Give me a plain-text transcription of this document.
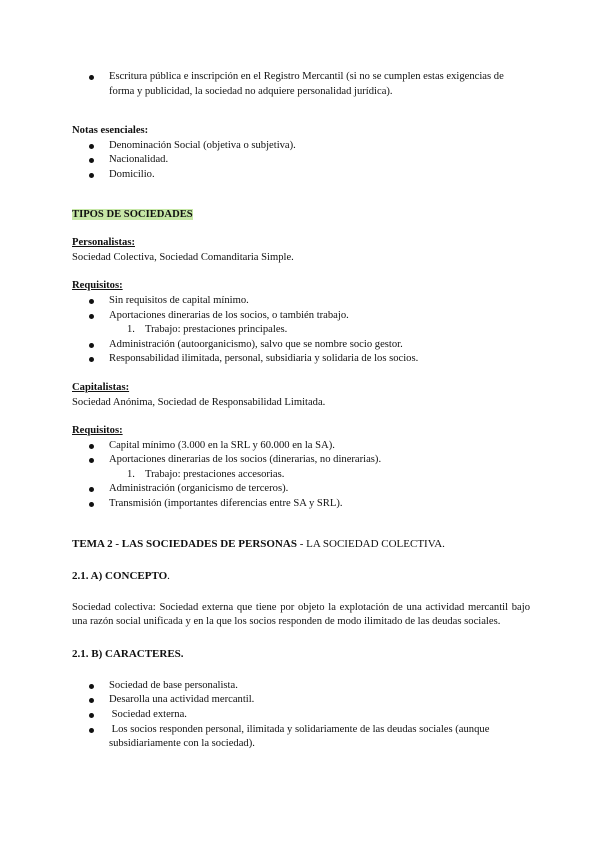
Escritura pública e inscripción en el Registro Mercantil (si no se cumplen estas exigencias de forma y publicidad, la sociedad no adquiere personalidad jurídica).
Notas esenciales:
Denominación Social (objetiva o subjetiva).
Nacionalidad.
Domicilio.
TIPOS DE SOCIEDADES
Personalistas:
Sociedad Colectiva, Sociedad Comanditaria Simple.
Requisitos:
Sin requisitos de capital mínimo.
Aportaciones dinerarias de los socios, o también trabajo.
1. Trabajo: prestaciones principales.
Administración (autoorganicismo), salvo que se nombre socio gestor.
Responsabilidad ilimitada, personal, subsidiaria y solidaria de los socios.
Capitalistas:
Sociedad Anónima, Sociedad de Responsabilidad Limitada.
Requisitos:
Capital mínimo (3.000 en la SRL y 60.000 en la SA).
Aportaciones dinerarias de los socios (dinerarias, no dinerarias).
1. Trabajo: prestaciones accesorias.
Administración (organicismo de terceros).
Transmisión (importantes diferencias entre SA y SRL).
TEMA 2 - LAS SOCIEDADES DE PERSONAS - LA SOCIEDAD COLECTIVA.
2.1. A) CONCEPTO.
Sociedad colectiva: Sociedad externa que tiene por objeto la explotación de una actividad mercantil bajo una razón social unificada y en la que los socios responden de modo ilimitado de las deudas sociales.
2.1. B) CARACTERES.
Sociedad de base personalista.
Desarolla una actividad mercantil.
Sociedad externa.
Los socios responden personal, ilimitada y solidariamente de las deudas sociales (aunque subsidiariamente con la sociedad).
